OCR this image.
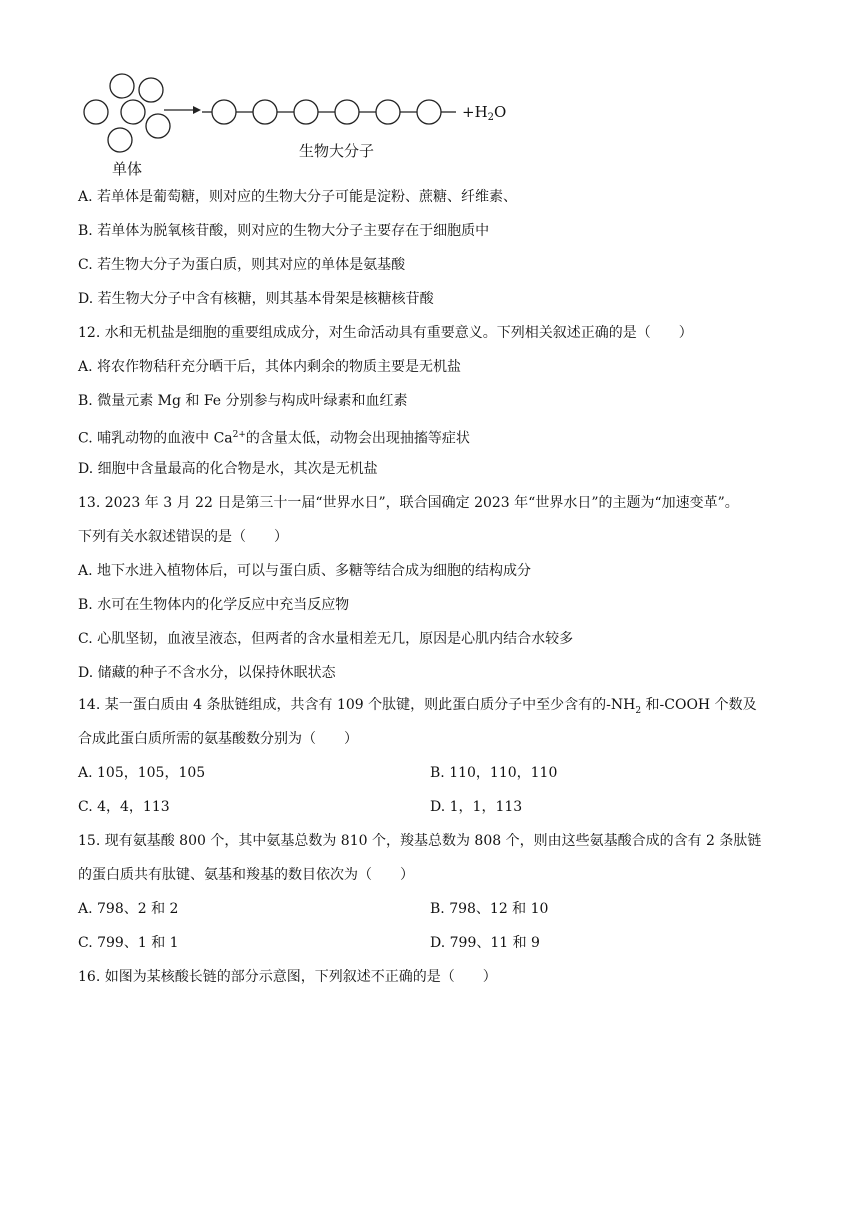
$+H_2O$
生物大分子
单体
A. 若单体是葡萄糖，则对应的生物大分子可能是淀粉、蔗糖、纤维素、
B. 若单体为脱氧核苷酸，则对应的生物大分子主要存在于细胞质中
C. 若生物大分子为蛋白质，则其对应的单体是氨基酸
D. 若生物大分子中含有核糖，则其基本骨架是核糖核苷酸
12. 水和无机盐是细胞的重要组成成分，对生命活动具有重要意义。下列相关叙述正确的是（　　）
A. 将农作物秸秆充分晒干后，其体内剩余的物质主要是无机盐
B. 微量元素 Mg 和 Fe 分别参与构成叶绿素和血红素
C. 哺乳动物的血液中 $Ca^{2+}$的含量太低，动物会出现抽搐等症状
D. 细胞中含量最高的化合物是水，其次是无机盐
13. 2023 年 3 月 22 日是第三十一届“世界水日”，联合国确定 2023 年“世界水日”的主题为“加速变革”。
下列有关水叙述错误的是（　　）
A. 地下水进入植物体后，可以与蛋白质、多糖等结合成为细胞的结构成分
B. 水可在生物体内的化学反应中充当反应物
C. 心肌坚韧，血液呈液态，但两者的含水量相差无几，原因是心肌内结合水较多
D. 储藏的种子不含水分，以保持休眠状态
14. 某一蛋白质由 4 条肽链组成，共含有 109 个肽键，则此蛋白质分子中至少含有的$-NH_2$ 和-COOH 个数及
合成此蛋白质所需的氨基酸数分别为（　　）
A. 105，105，105	B. 110，110，110
C. 4，4，113	D. 1，1，113
15. 现有氨基酸 800 个，其中氨基总数为 810 个，羧基总数为 808 个，则由这些氨基酸合成的含有 2 条肽链
的蛋白质共有肽键、氨基和羧基的数目依次为（　　）
A. 798、2 和 2	B. 798、12 和 10
C. 799、1 和 1	D. 799、11 和 9
16. 如图为某核酸长链的部分示意图，下列叙述不正确的是（　　）
